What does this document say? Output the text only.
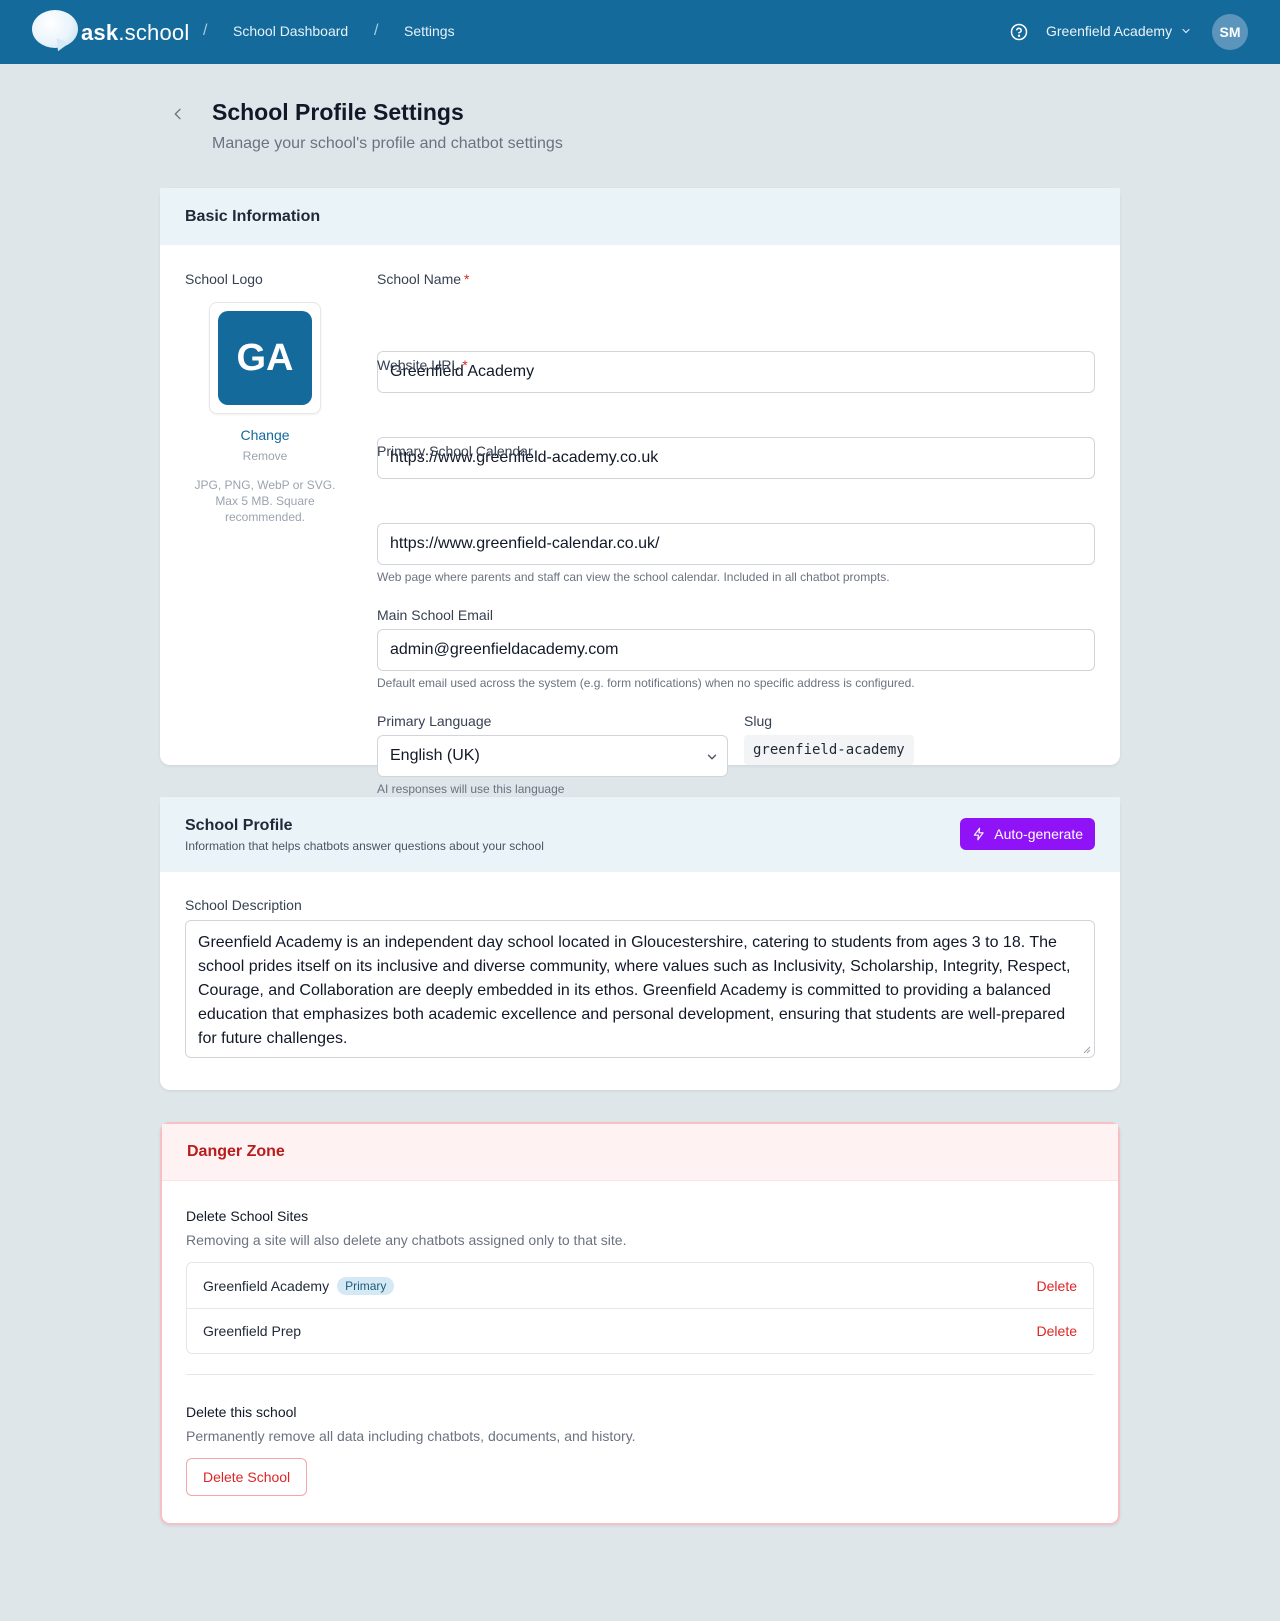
ask.school / School Dashboard / Settings	Greenfield Academy	SM
School Profile Settings

Manage your school's profile and chatbot settings

Basic Information
School Logo
GA
Change
Remove

JPG, PNG, WebP or SVG. Max 5 MB. Square recommended.

School Name *
Greenfield Academy
Website URL *
https://www.greenfield-academy.co.uk
Primary School Calendar
https://www.greenfield-calendar.co.uk/
Web page where parents and staff can view the school calendar. Included in all chatbot prompts.
Main School Email
admin@greenfieldacademy.com
Default email used across the system (e.g. form notifications) when no specific address is configured.
Primary Language
English (UK)
AI responses will use this language
Slug
greenfield-academy
School Profile
Information that helps chatbots answer questions about your school
Auto-generate
School Description
Greenfield Academy is an independent day school located in Gloucestershire, catering to students from ages 3 to 18. The school prides itself on its inclusive and diverse community, where values such as Inclusivity, Scholarship, Integrity, Respect, Courage, and Collaboration are deeply embedded in its ethos. Greenfield Academy is committed to providing a balanced education that emphasizes both academic excellence and personal development, ensuring that students are well-prepared for future challenges.
Danger Zone
Delete School Sites
Removing a site will also delete any chatbots assigned only to that site.
Greenfield Academy	Primary	Delete
Greenfield Prep	Delete
Delete this school
Permanently remove all data including chatbots, documents, and history.
Delete School
